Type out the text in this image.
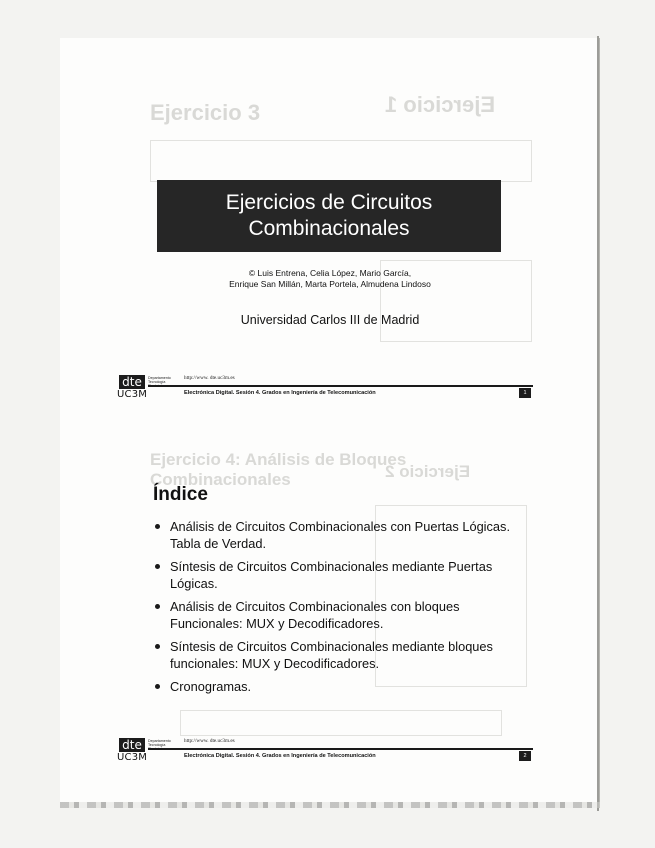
Ejercicio 3	Ejercicio 1
Ejercicio 4: Análisis de Bloques
Combinacionales	Ejercicio 2
Ejercicios de Circuitos
Combinacionales
© Luis Entrena, Celia López, Mario García,
Enrique San Millán, Marta Portela, Almudena Lindoso
Universidad Carlos III de Madrid
dte
UC3M
Departamento
Tecnología
http://www. dte.uc3m.es
Electrónica Digital. Sesión 4. Grados en Ingeniería de Telecomunicación	1
Índice
Análisis de Circuitos Combinacionales con Puertas Lógicas. Tabla de Verdad.
Síntesis de Circuitos Combinacionales mediante Puertas Lógicas.
Análisis de Circuitos Combinacionales con bloques Funcionales: MUX y Decodificadores.
Síntesis de Circuitos Combinacionales mediante bloques funcionales: MUX y Decodificadores.
Cronogramas.
dte
UC3M
Departamento
Tecnología
http://www. dte.uc3m.es
Electrónica Digital. Sesión 4. Grados en Ingeniería de Telecomunicación	2
